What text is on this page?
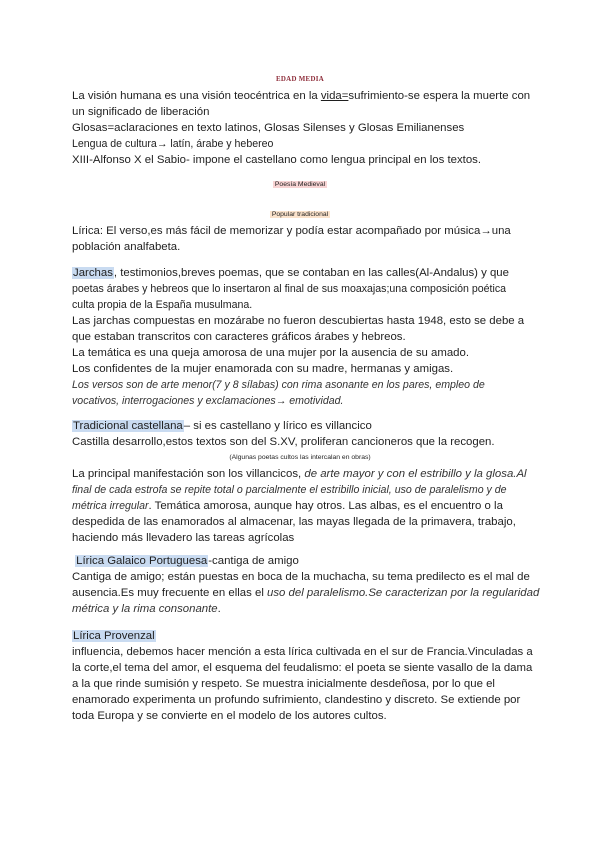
EDAD MEDIA
La visión humana es una visión teocéntrica en la vida=sufrimiento-se espera la muerte con
un significado de liberación
Glosas=aclaraciones en texto latinos, Glosas Silenses y Glosas Emilianenses
Lengua de cultura→ latín, árabe y hebereo
XIII-Alfonso X el Sabio- impone el castellano como lengua principal en los textos.
Poesía Medieval
Popular tradicional
Lírica: El verso,es más fácil de memorizar y podía estar acompañado por música→una
población analfabeta.
Jarchas, testimonios,breves poemas, que se contaban en las calles(Al-Andalus) y que
poetas árabes y hebreos que lo insertaron al final de sus moaxajas;una composición poética
culta propia de la España musulmana.
Las jarchas compuestas en mozárabe no fueron descubiertas hasta 1948, esto se debe a
que estaban transcritos con caracteres gráficos árabes y hebreos.
La temática es una queja amorosa de una mujer por la ausencia de su amado.
Los confidentes de la mujer enamorada con su madre, hermanas y amigas.
Los versos son de arte menor(7 y 8 sílabas) con rima asonante en los pares, empleo de
vocativos, interrogaciones y exclamaciones→ emotividad.
Tradicional castellana– si es castellano y lírico es villancico
Castilla desarrollo,estos textos son del S.XV, proliferan cancioneros que la recogen.
(Algunas poetas cultos las intercalan en obras)
La principal manifestación son los villancicos, de arte mayor y con el estribillo y la glosa.Al
final de cada estrofa se repite total o parcialmente el estribillo inicial, uso de paralelismo y de
métrica irregular. Temática amorosa, aunque hay otros. Las albas, es el encuentro o la
despedida de las enamorados al almacenar, las mayas llegada de la primavera, trabajo,
haciendo más llevadero las tareas agrícolas
Lírica Galaico Portuguesa-cantiga de amigo
Cantiga de amigo; están puestas en boca de la muchacha, su tema predilecto es el mal de
ausencia.Es muy frecuente en ellas el uso del paralelismo.Se caracterizan por la regularidad
métrica y la rima consonante.
Lírica Provenzal
influencia, debemos hacer mención a esta lírica cultivada en el sur de Francia.Vinculadas a
la corte,el tema del amor, el esquema del feudalismo: el poeta se siente vasallo de la dama
a la que rinde sumisión y respeto. Se muestra inicialmente desdeñosa, por lo que el
enamorado experimenta un profundo sufrimiento, clandestino y discreto. Se extiende por
toda Europa y se convierte en el modelo de los autores cultos.
